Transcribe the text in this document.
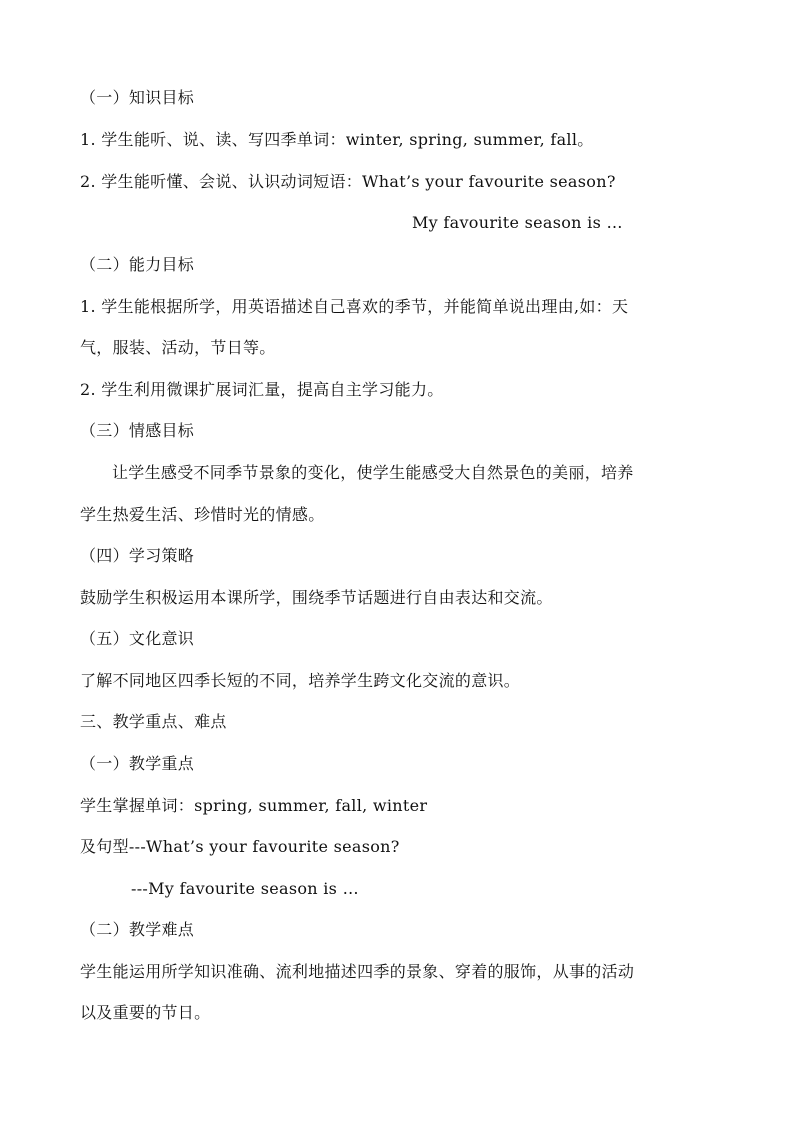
（一）知识目标
1. 学生能听、说、读、写四季单词：winter, spring, summer, fall。
2. 学生能听懂、会说、认识动词短语：What’s your favourite season?
My favourite season is …
（二）能力目标
1. 学生能根据所学，用英语描述自己喜欢的季节，并能简单说出理由,如：天
气，服装、活动，节日等。
2. 学生利用微课扩展词汇量，提高自主学习能力。
（三）情感目标
让学生感受不同季节景象的变化，使学生能感受大自然景色的美丽，培养
学生热爱生活、珍惜时光的情感。
（四）学习策略
鼓励学生积极运用本课所学，围绕季节话题进行自由表达和交流。
（五）文化意识
了解不同地区四季长短的不同，培养学生跨文化交流的意识。
三、教学重点、难点
（一）教学重点
学生掌握单词：spring, summer, fall, winter
及句型---What’s your favourite season?
---My favourite season is …
（二）教学难点
学生能运用所学知识准确、流利地描述四季的景象、穿着的服饰，从事的活动
以及重要的节日。
